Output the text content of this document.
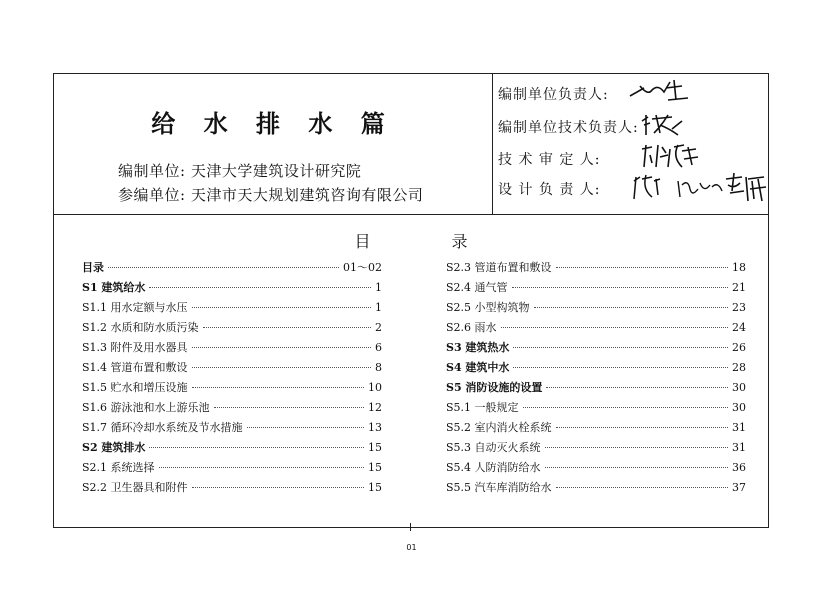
给 水 排 水 篇
编制单位: 天津大学建筑设计研究院
参编单位: 天津市天大规划建筑咨询有限公司
编制单位负责人:
编制单位技术负责人:
技 术 审 定 人:
设 计 负 责 人:
目 录
目录	01～02
S1 建筑给水	1
S1.1 用水定额与水压	1
S1.2 水质和防水质污染	2
S1.3 附件及用水器具	6
S1.4 管道布置和敷设	8
S1.5 贮水和增压设施	10
S1.6 游泳池和水上游乐池	12
S1.7 循环冷却水系统及节水措施	13
S2 建筑排水	15
S2.1 系统选择	15
S2.2 卫生器具和附件	15
S2.3 管道布置和敷设	18
S2.4 通气管	21
S2.5 小型构筑物	23
S2.6 雨水	24
S3 建筑热水	26
S4 建筑中水	28
S5 消防设施的设置	30
S5.1 一般规定	30
S5.2 室内消火栓系统	31
S5.3 自动灭火系统	31
S5.4 人防消防给水	36
S5.5 汽车库消防给水	37
01
